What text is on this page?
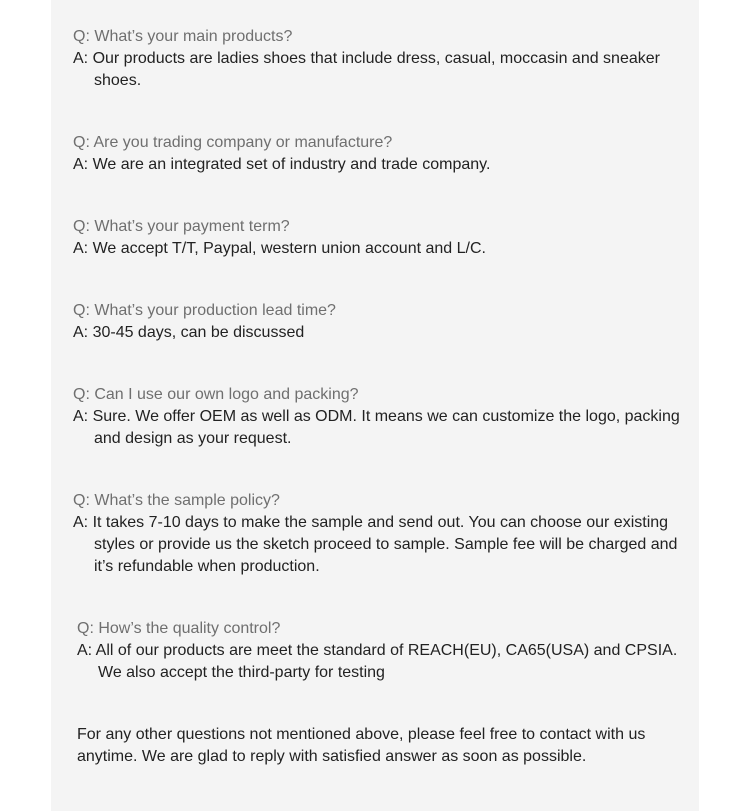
Q: What’s your main products?

A: Our products are ladies shoes that include dress, casual, moccasin and sneaker shoes.

Q: Are you trading company or manufacture?

A: We are an integrated set of industry and trade company.

Q: What’s your payment term?

A: We accept T/T, Paypal, western union account and L/C.

Q: What’s your production lead time?

A: 30-45 days, can be discussed

Q: Can I use our own logo and packing?

A: Sure. We offer OEM as well as ODM. It means we can customize the logo, packing and design as your request.

Q: What’s the sample policy?

A: It takes 7-10 days to make the sample and send out. You can choose our existing styles or provide us the sketch proceed to sample. Sample fee will be charged and it’s refundable when production.

Q: How’s the quality control?

A: All of our products are meet the standard of REACH(EU), CA65(USA) and CPSIA. We also accept the third-party for testing

For any other questions not mentioned above, please feel free to contact with us anytime. We are glad to reply with satisfied answer as soon as possible.
